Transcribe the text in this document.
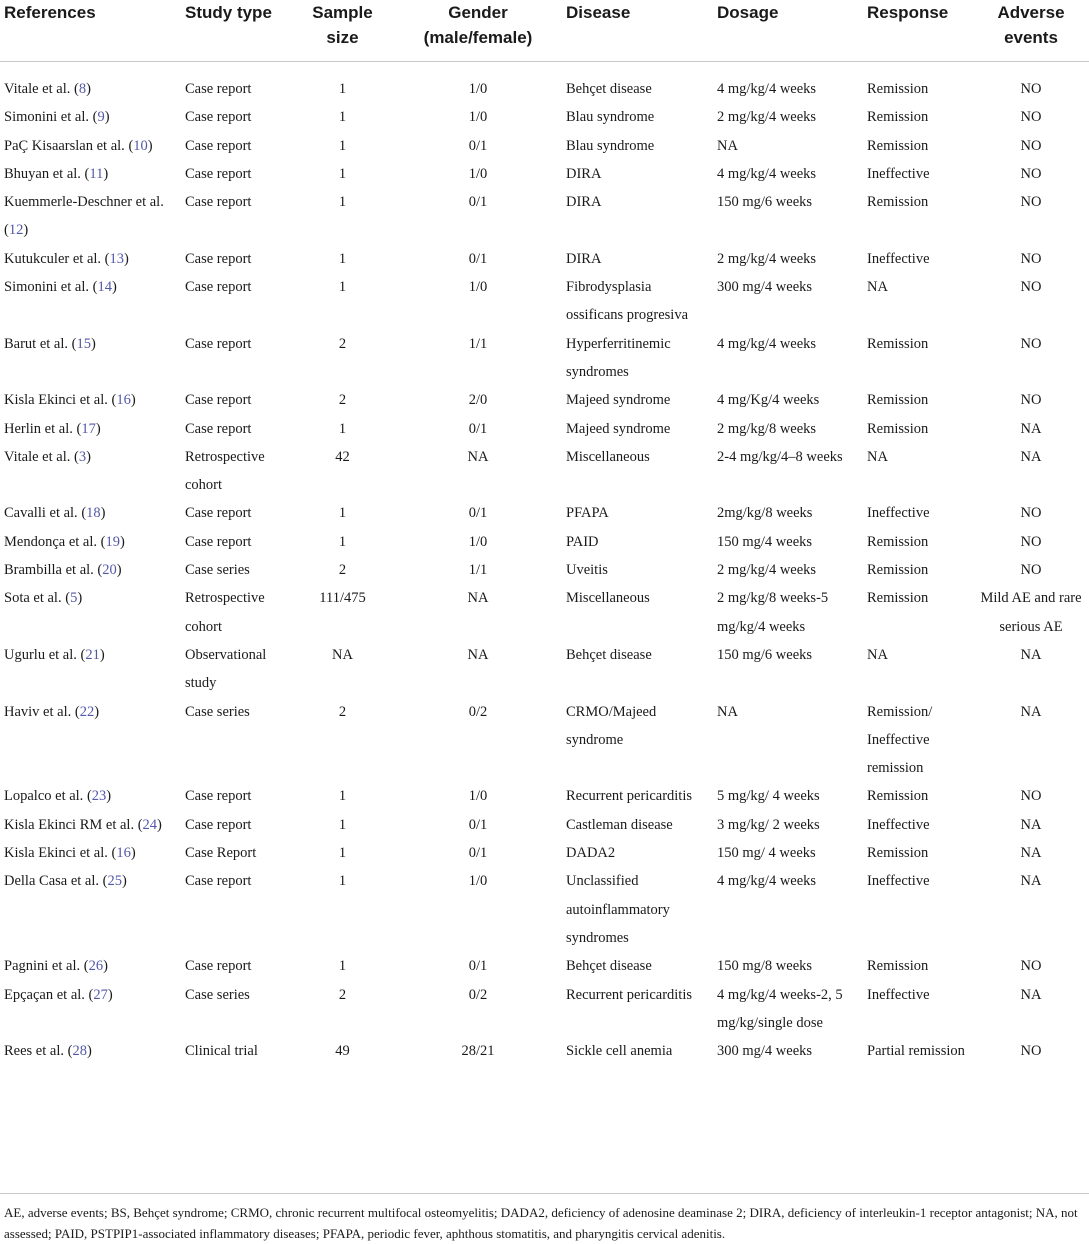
References	Study type	Sample size	Gender (male/female)	Disease	Dosage	Response	Adverse events
Vitale et al. (8)	Case report	1	1/0	Behçet disease	4 mg/kg/4 weeks	Remission	NO
Simonini et al. (9)	Case report	1	1/0	Blau syndrome	2 mg/kg/4 weeks	Remission	NO
PaÇ Kisaarslan et al. (10)	Case report	1	0/1	Blau syndrome	NA	Remission	NO
Bhuyan et al. (11)	Case report	1	1/0	DIRA	4 mg/kg/4 weeks	Ineffective	NO
Kuemmerle-Deschner et al. (12)	Case report	1	0/1	DIRA	150 mg/6 weeks	Remission	NO
Kutukculer et al. (13)	Case report	1	0/1	DIRA	2 mg/kg/4 weeks	Ineffective	NO
Simonini et al. (14)	Case report	1	1/0	Fibrodysplasia ossificans progresiva	300 mg/4 weeks	NA	NO
Barut et al. (15)	Case report	2	1/1	Hyperferritinemic syndromes	4 mg/kg/4 weeks	Remission	NO
Kisla Ekinci et al. (16)	Case report	2	2/0	Majeed syndrome	4 mg/Kg/4 weeks	Remission	NO
Herlin et al. (17)	Case report	1	0/1	Majeed syndrome	2 mg/kg/8 weeks	Remission	NA
Vitale et al. (3)	Retrospective cohort	42	NA	Miscellaneous	2-4 mg/kg/4–8 weeks	NA	NA
Cavalli et al. (18)	Case report	1	0/1	PFAPA	2mg/kg/8 weeks	Ineffective	NO
Mendonça et al. (19)	Case report	1	1/0	PAID	150 mg/4 weeks	Remission	NO
Brambilla et al. (20)	Case series	2	1/1	Uveitis	2 mg/kg/4 weeks	Remission	NO
Sota et al. (5)	Retrospective cohort	111/475	NA	Miscellaneous	2 mg/kg/8 weeks-5 mg/kg/4 weeks	Remission	Mild AE and rare serious AE
Ugurlu et al. (21)	Observational study	NA	NA	Behçet disease	150 mg/6 weeks	NA	NA
Haviv et al. (22)	Case series	2	0/2	CRMO/Majeed syndrome	NA	Remission/ Ineffective remission	NA
Lopalco et al. (23)	Case report	1	1/0	Recurrent pericarditis	5 mg/kg/ 4 weeks	Remission	NO
Kisla Ekinci RM et al. (24)	Case report	1	0/1	Castleman disease	3 mg/kg/ 2 weeks	Ineffective	NA
Kisla Ekinci et al. (16)	Case Report	1	0/1	DADA2	150 mg/ 4 weeks	Remission	NA
Della Casa et al. (25)	Case report	1	1/0	Unclassified autoinflammatory syndromes	4 mg/kg/4 weeks	Ineffective	NA
Pagnini et al. (26)	Case report	1	0/1	Behçet disease	150 mg/8 weeks	Remission	NO
Epçaçan et al. (27)	Case series	2	0/2	Recurrent pericarditis	4 mg/kg/4 weeks-2, 5 mg/kg/single dose	Ineffective	NA
Rees et al. (28)	Clinical trial	49	28/21	Sickle cell anemia	300 mg/4 weeks	Partial remission	NO
AE, adverse events; BS, Behçet syndrome; CRMO, chronic recurrent multifocal osteomyelitis; DADA2, deficiency of adenosine deaminase 2; DIRA, deficiency of interleukin-1 receptor antagonist; NA, not assessed; PAID, PSTPIP1-associated inflammatory diseases; PFAPA, periodic fever, aphthous stomatitis, and pharyngitis cervical adenitis.
